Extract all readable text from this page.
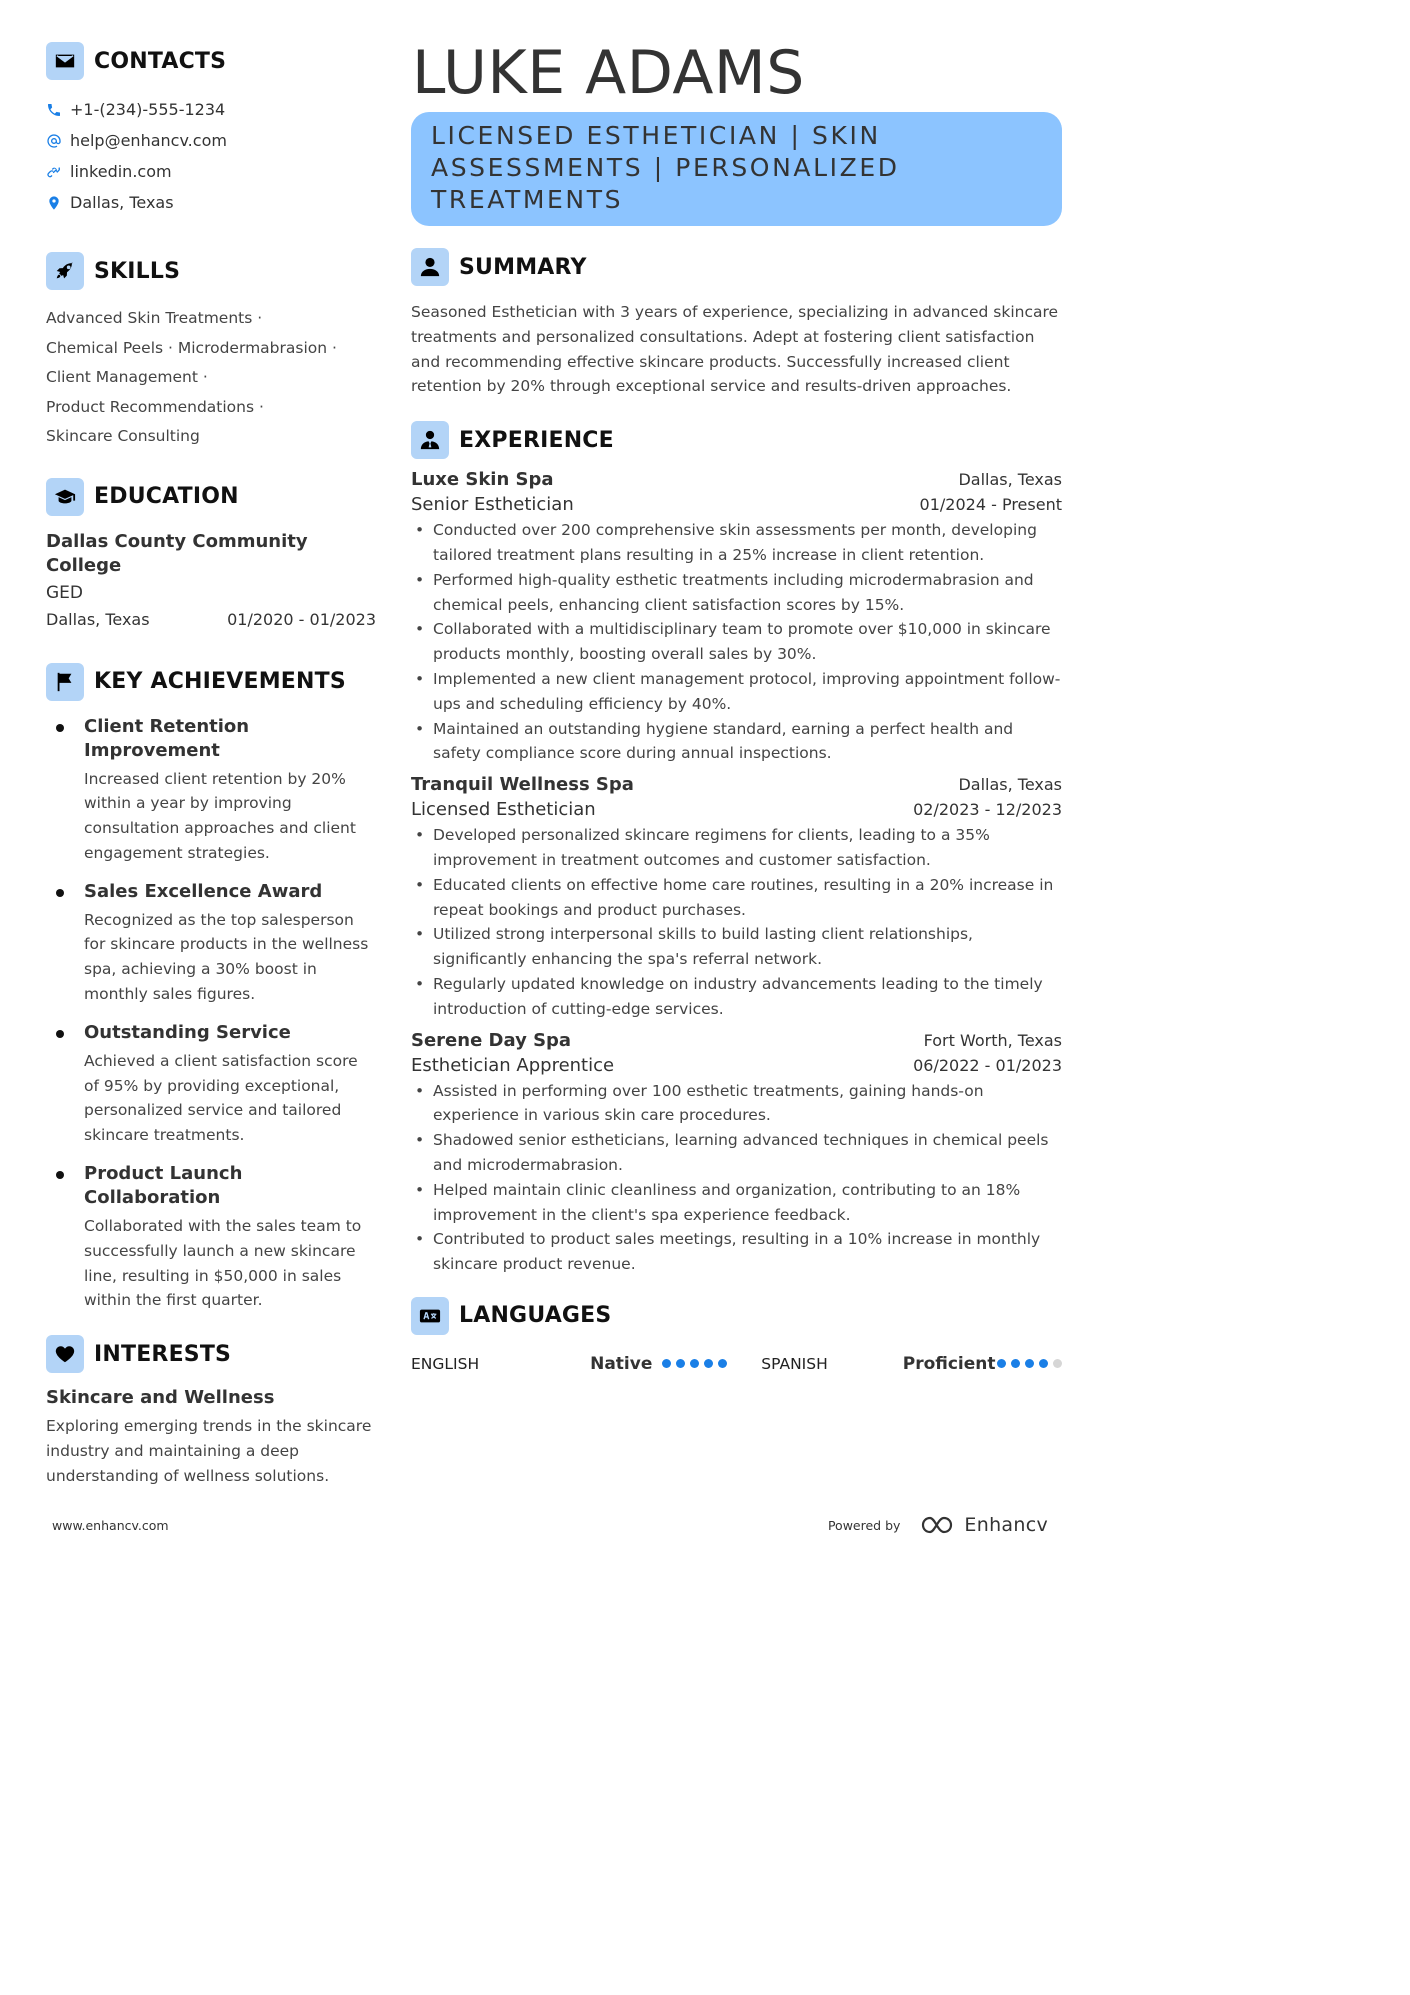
CONTACTS
+1-(234)-555-1234
help@enhancv.com
linkedin.com
Dallas, Texas
SKILLS
Advanced Skin Treatments ·
Chemical Peels · Microdermabrasion ·
Client Management ·
Product Recommendations ·
Skincare Consulting
EDUCATION
Dallas County Community College
GED
Dallas, Texas	01/2020 - 01/2023
KEY ACHIEVEMENTS
Client Retention Improvement
Increased client retention by 20% within a year by improving consultation approaches and client engagement strategies.
Sales Excellence Award
Recognized as the top salesperson for skincare products in the wellness spa, achieving a 30% boost in monthly sales figures.
Outstanding Service
Achieved a client satisfaction score of 95% by providing exceptional, personalized service and tailored skincare treatments.
Product Launch Collaboration
Collaborated with the sales team to successfully launch a new skincare line, resulting in $50,000 in sales within the first quarter.
INTERESTS
Skincare and Wellness
Exploring emerging trends in the skincare industry and maintaining a deep understanding of wellness solutions.
LUKE ADAMS
LICENSED ESTHETICIAN | SKIN ASSESSMENTS | PERSONALIZED TREATMENTS
SUMMARY
Seasoned Esthetician with 3 years of experience, specializing in advanced skincare treatments and personalized consultations. Adept at fostering client satisfaction and recommending effective skincare products. Successfully increased client retention by 20% through exceptional service and results-driven approaches.
EXPERIENCE
Luxe Skin Spa	Dallas, Texas
Senior Esthetician	01/2024 - Present
• Conducted over 200 comprehensive skin assessments per month, developing tailored treatment plans resulting in a 25% increase in client retention.
• Performed high-quality esthetic treatments including microdermabrasion and chemical peels, enhancing client satisfaction scores by 15%.
• Collaborated with a multidisciplinary team to promote over $10,000 in skincare products monthly, boosting overall sales by 30%.
• Implemented a new client management protocol, improving appointment follow-ups and scheduling efficiency by 40%.
• Maintained an outstanding hygiene standard, earning a perfect health and safety compliance score during annual inspections.
Tranquil Wellness Spa	Dallas, Texas
Licensed Esthetician	02/2023 - 12/2023
• Developed personalized skincare regimens for clients, leading to a 35% improvement in treatment outcomes and customer satisfaction.
• Educated clients on effective home care routines, resulting in a 20% increase in repeat bookings and product purchases.
• Utilized strong interpersonal skills to build lasting client relationships, significantly enhancing the spa's referral network.
• Regularly updated knowledge on industry advancements leading to the timely introduction of cutting-edge services.
Serene Day Spa	Fort Worth, Texas
Esthetician Apprentice	06/2022 - 01/2023
• Assisted in performing over 100 esthetic treatments, gaining hands-on experience in various skin care procedures.
• Shadowed senior estheticians, learning advanced techniques in chemical peels and microdermabrasion.
• Helped maintain clinic cleanliness and organization, contributing to an 18% improvement in the client's spa experience feedback.
• Contributed to product sales meetings, resulting in a 10% increase in monthly skincare product revenue.
LANGUAGES
ENGLISH	Native	SPANISH	Proficient
www.enhancv.com	Powered by	Enhancv
